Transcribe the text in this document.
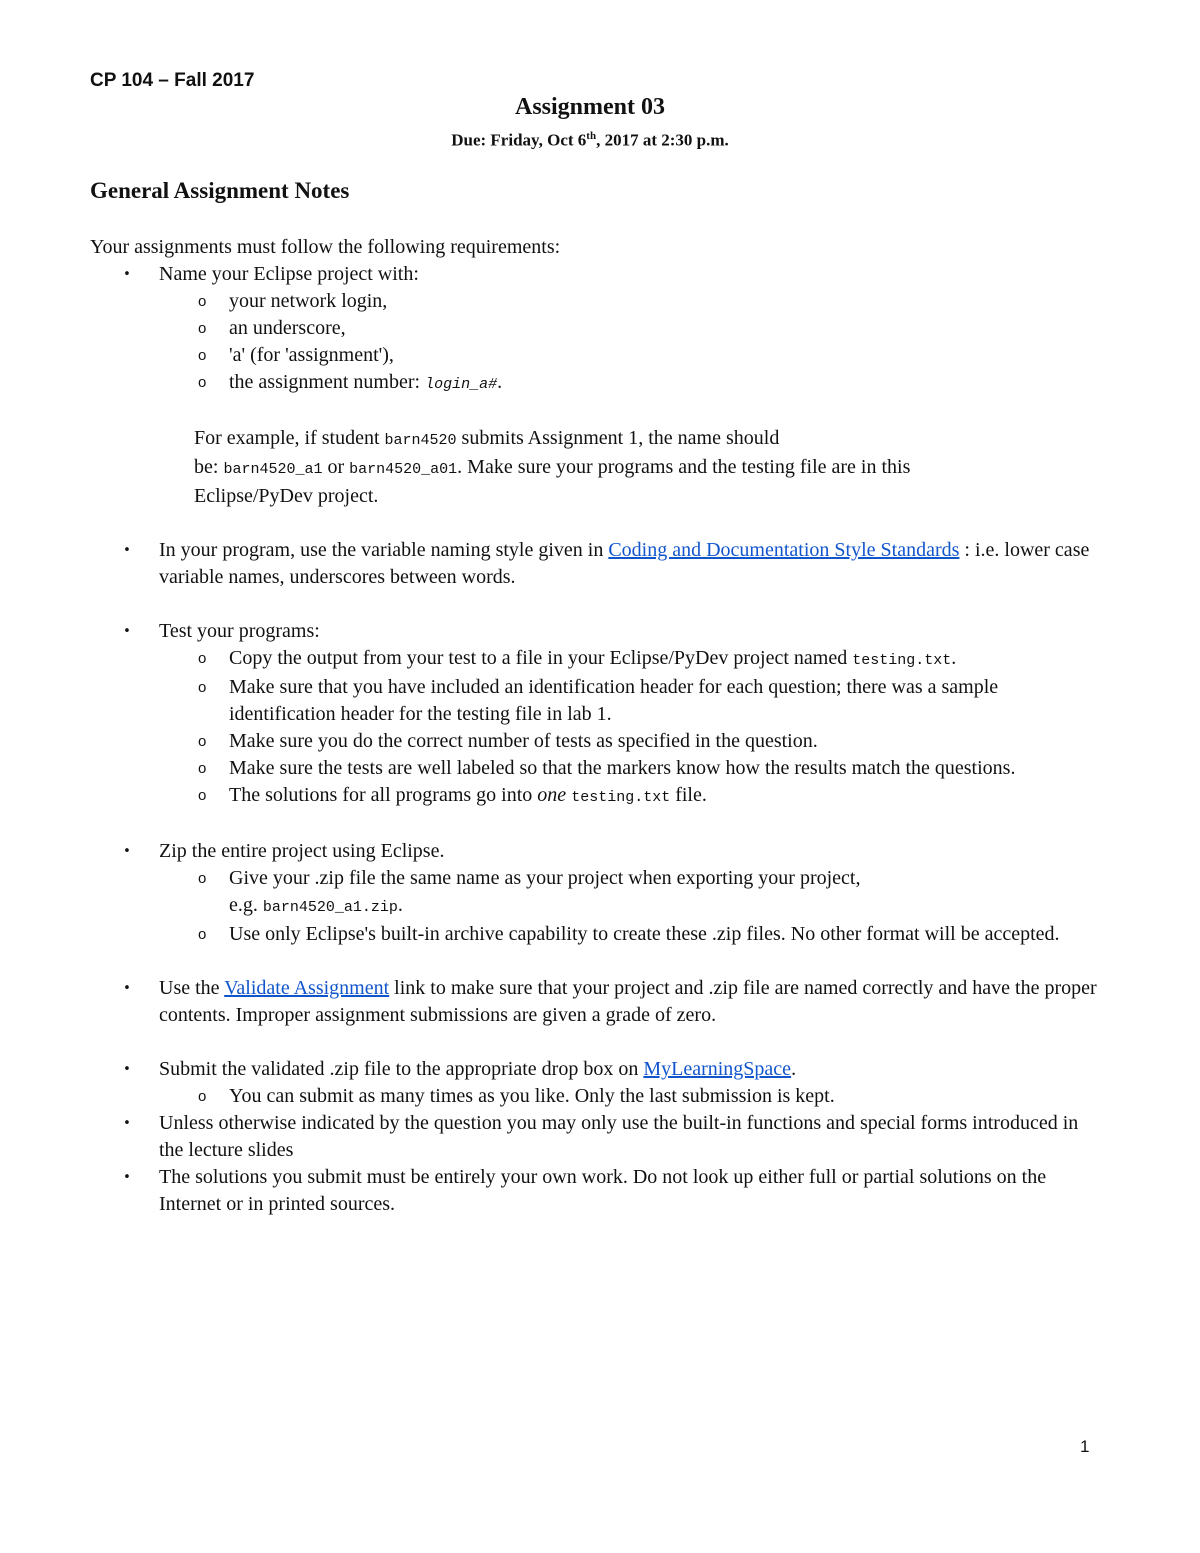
CP 104 – Fall 2017

Assignment 03

Due: Friday, Oct 6th, 2017 at 2:30 p.m.

General Assignment Notes

Your assignments must follow the following requirements:

• Name your Eclipse project with:
o your network login,
o an underscore,
o 'a' (for 'assignment'),
o the assignment number: login_a#.

For example, if student barn4520 submits Assignment 1, the name should
be: barn4520_a1 or barn4520_a01. Make sure your programs and the testing file are in this
Eclipse/PyDev project.

• In your program, use the variable naming style given in Coding and Documentation Style Standards : i.e. lower case variable names, underscores between words.
• Test your programs:
o Copy the output from your test to a file in your Eclipse/PyDev project named testing.txt.
o Make sure that you have included an identification header for each question; there was a sample identification header for the testing file in lab 1.
o Make sure you do the correct number of tests as specified in the question.
o Make sure the tests are well labeled so that the markers know how the results match the questions.
o The solutions for all programs go into one testing.txt file.
• Zip the entire project using Eclipse.
o Give your .zip file the same name as your project when exporting your project,
e.g. barn4520_a1.zip.
o Use only Eclipse's built-in archive capability to create these .zip files. No other format will be accepted.
• Use the Validate Assignment link to make sure that your project and .zip file are named correctly and have the proper contents. Improper assignment submissions are given a grade of zero.
• Submit the validated .zip file to the appropriate drop box on MyLearningSpace.
o You can submit as many times as you like. Only the last submission is kept.
• Unless otherwise indicated by the question you may only use the built-in functions and special forms introduced in the lecture slides
• The solutions you submit must be entirely your own work. Do not look up either full or partial solutions on the Internet or in printed sources.

1
